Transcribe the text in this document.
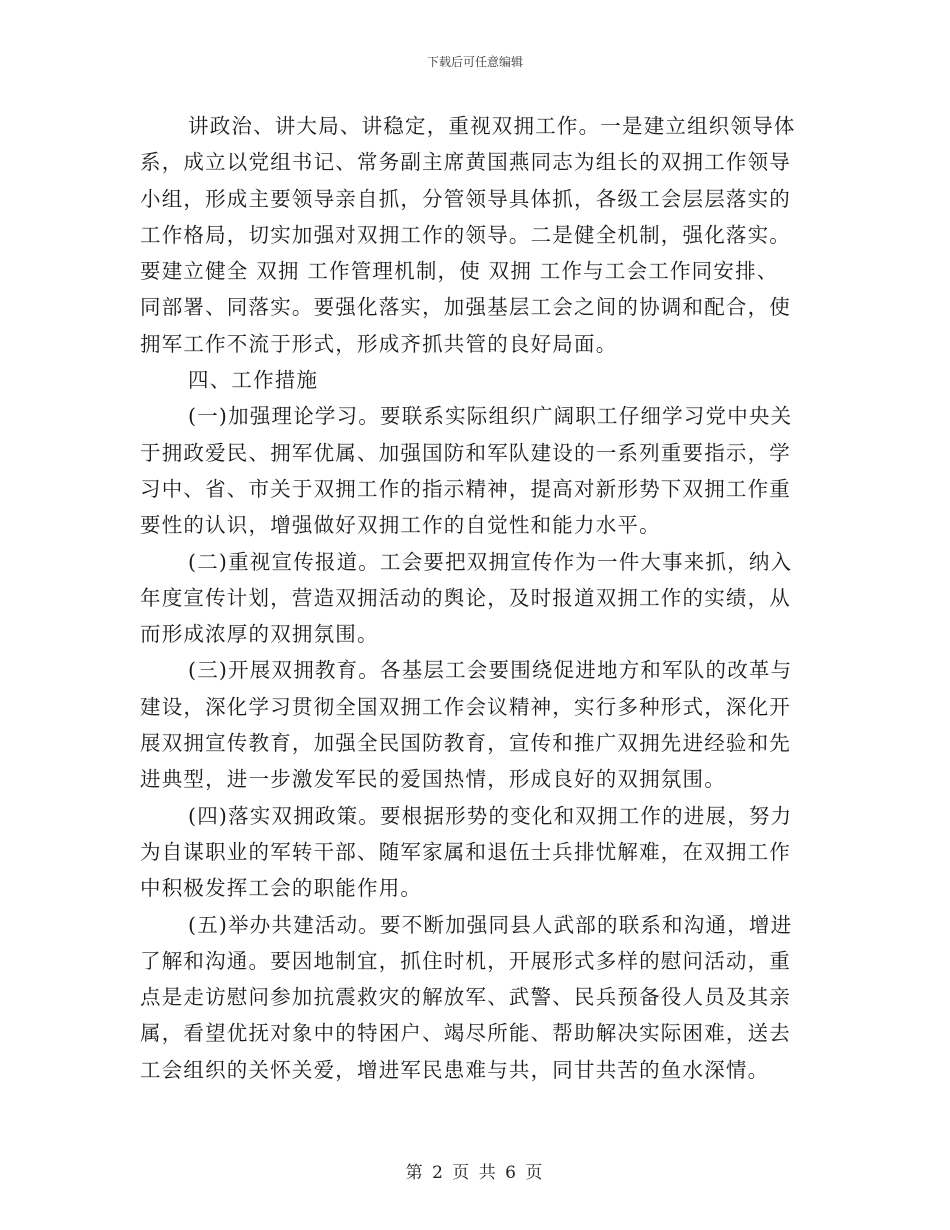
下载后可任意编辑

讲政治、讲大局、讲稳定，重视双拥工作。一是建立组织领导体
系，成立以党组书记、常务副主席黄国燕同志为组长的双拥工作领导
小组，形成主要领导亲自抓，分管领导具体抓，各级工会层层落实的
工作格局，切实加强对双拥工作的领导。二是健全机制，强化落实。
要建立健全 双拥 工作管理机制，使 双拥 工作与工会工作同安排、
同部署、同落实。要强化落实，加强基层工会之间的协调和配合，使
拥军工作不流于形式，形成齐抓共管的良好局面。
四、工作措施
(一)加强理论学习。要联系实际组织广阔职工仔细学习党中央关
于拥政爱民、拥军优属、加强国防和军队建设的一系列重要指示，学
习中、省、市关于双拥工作的指示精神，提高对新形势下双拥工作重
要性的认识，增强做好双拥工作的自觉性和能力水平。
(二)重视宣传报道。工会要把双拥宣传作为一件大事来抓，纳入
年度宣传计划，营造双拥活动的舆论，及时报道双拥工作的实绩，从
而形成浓厚的双拥氛围。
(三)开展双拥教育。各基层工会要围绕促进地方和军队的改革与
建设，深化学习贯彻全国双拥工作会议精神，实行多种形式，深化开
展双拥宣传教育，加强全民国防教育，宣传和推广双拥先进经验和先
进典型，进一步激发军民的爱国热情，形成良好的双拥氛围。
(四)落实双拥政策。要根据形势的变化和双拥工作的进展，努力
为自谋职业的军转干部、随军家属和退伍士兵排忧解难，在双拥工作
中积极发挥工会的职能作用。
(五)举办共建活动。要不断加强同县人武部的联系和沟通，增进
了解和沟通。要因地制宜，抓住时机，开展形式多样的慰问活动，重
点是走访慰问参加抗震救灾的解放军、武警、民兵预备役人员及其亲
属，看望优抚对象中的特困户、竭尽所能、帮助解决实际困难，送去
工会组织的关怀关爱，增进军民患难与共，同甘共苦的鱼水深情。

第 2 页 共 6 页
